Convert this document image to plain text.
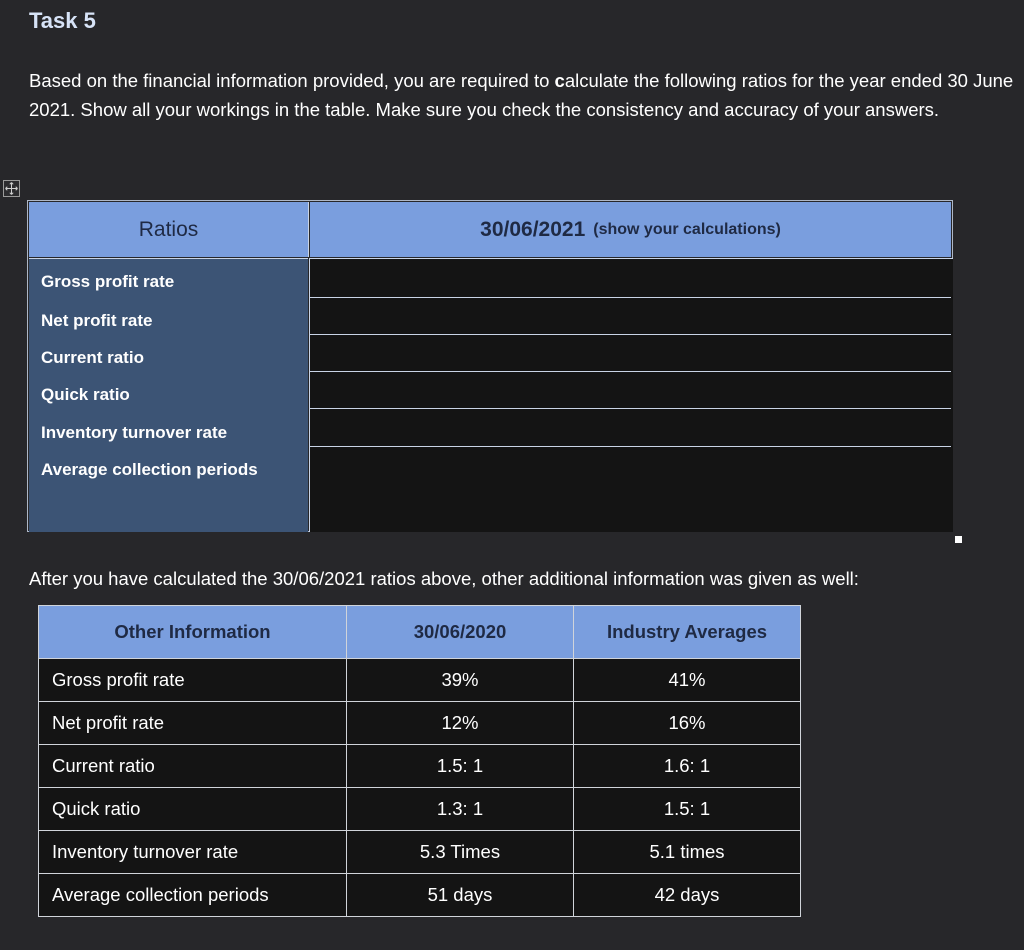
Task 5
Based on the financial information provided, you are required to calculate the following ratios for the year ended 30 June 2021. Show all your workings in the table. Make sure you check the consistency and accuracy of your answers.
Ratios	30/06/2021 (show your calculations)
Gross profit rate
Net profit rate
Current ratio
Quick ratio
Inventory turnover rate
Average collection periods
After you have calculated the 30/06/2021 ratios above, other additional information was given as well:
Other Information	30/06/2020	Industry Averages
Gross profit rate	39%	41%
Net profit rate	12%	16%
Current ratio	1.5: 1	1.6: 1
Quick ratio	1.3: 1	1.5: 1
Inventory turnover rate	5.3 Times	5.1 times
Average collection periods	51 days	42 days
